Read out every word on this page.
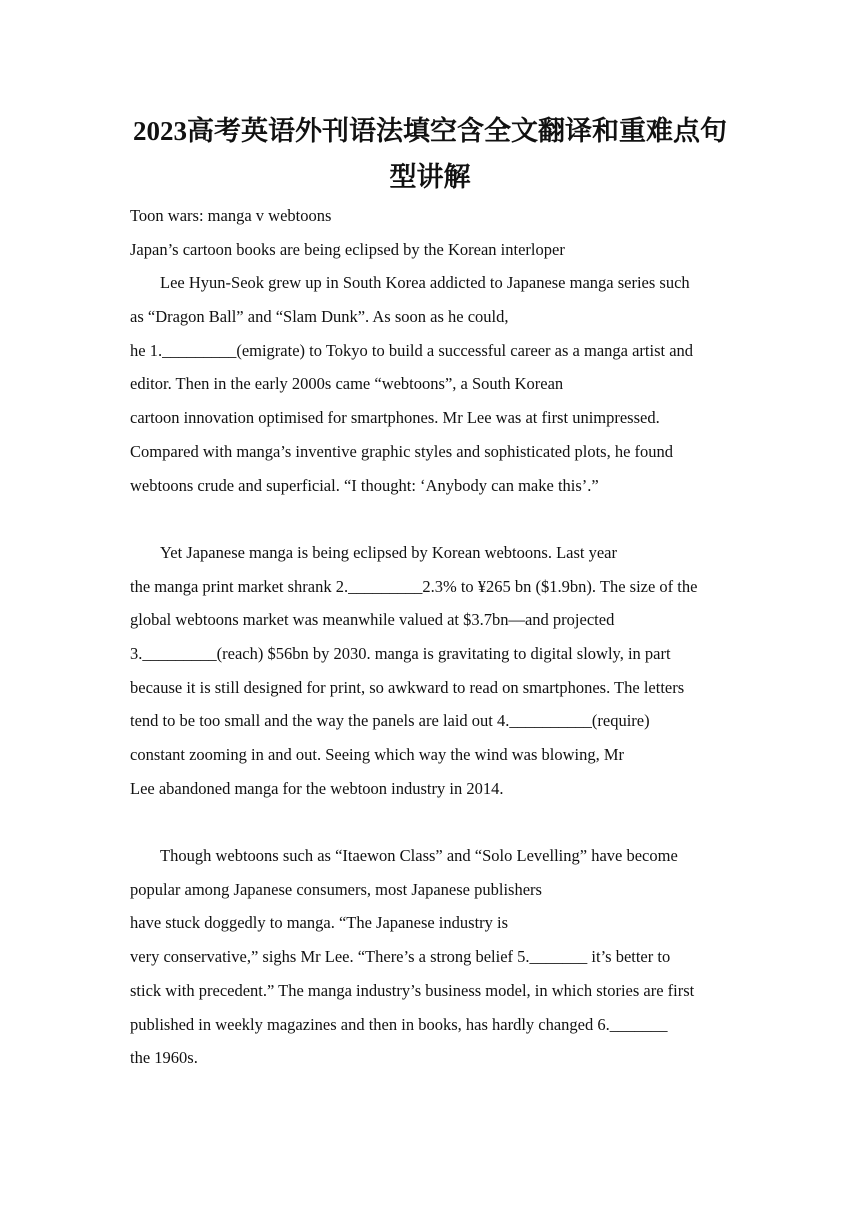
2023高考英语外刊语法填空含全文翻译和重难点句
型讲解
Toon wars: manga v webtoons
Japan’s cartoon books are being eclipsed by the Korean interloper
Lee Hyun-Seok grew up in South Korea addicted to Japanese manga series such
as “Dragon Ball” and “Slam Dunk”. As soon as he could,
he 1._________(emigrate) to Tokyo to build a successful career as a manga artist and
editor. Then in the early 2000s came “webtoons”, a South Korean
cartoon innovation optimised for smartphones. Mr Lee was at first unimpressed.
Compared with manga’s inventive graphic styles and sophisticated plots, he found
webtoons crude and superficial. “I thought: ‘Anybody can make this’.”
Yet Japanese manga is being eclipsed by Korean webtoons. Last year
the manga print market shrank 2._________2.3% to ¥265 bn ($1.9bn). The size of the
global webtoons market was meanwhile valued at $3.7bn—and projected
3._________(reach) $56bn by 2030. manga is gravitating to digital slowly, in part
because it is still designed for print, so awkward to read on smartphones. The letters
tend to be too small and the way the panels are laid out 4.__________(require)
constant zooming in and out. Seeing which way the wind was blowing, Mr
Lee abandoned manga for the webtoon industry in 2014.
Though webtoons such as “Itaewon Class” and “Solo Levelling” have become
popular among Japanese consumers, most Japanese publishers
have stuck doggedly to manga. “The Japanese industry is
very conservative,” sighs Mr Lee. “There’s a strong belief 5._______ it’s better to
stick with precedent.” The manga industry’s business model, in which stories are first
published in weekly magazines and then in books, has hardly changed 6._______
the 1960s.
